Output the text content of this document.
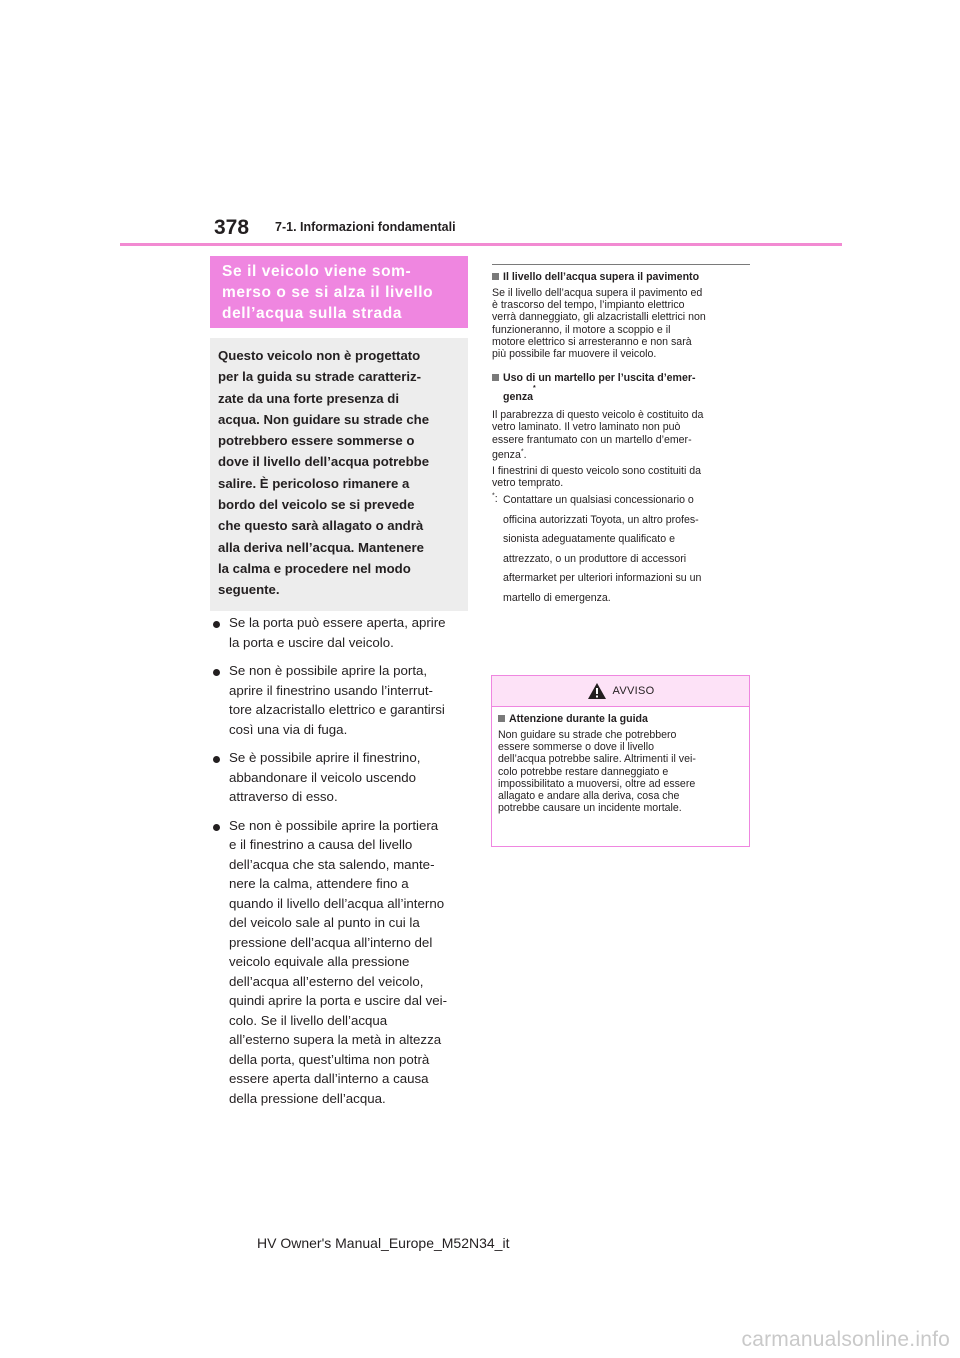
378 7-1. Informazioni fondamentali
Se il veicolo viene som-
merso o se si alza il livello
dell’acqua sulla strada
Questo veicolo non è progettato
per la guida su strade caratteriz-
zate da una forte presenza di
acqua. Non guidare su strade che
potrebbero essere sommerse o
dove il livello dell’acqua potrebbe
salire. È pericoloso rimanere a
bordo del veicolo se si prevede
che questo sarà allagato o andrà
alla deriva nell’acqua. Mantenere
la calma e procedere nel modo
seguente.
Se la porta può essere aperta, aprire
la porta e uscire dal veicolo.
Se non è possibile aprire la porta,
aprire il finestrino usando l’interrut-
tore alzacristallo elettrico e garantirsi
così una via di fuga.
Se è possibile aprire il finestrino,
abbandonare il veicolo uscendo
attraverso di esso.
Se non è possibile aprire la portiera
e il finestrino a causa del livello
dell’acqua che sta salendo, mante-
nere la calma, attendere fino a
quando il livello dell’acqua all’interno
del veicolo sale al punto in cui la
pressione dell’acqua all’interno del
veicolo equivale alla pressione
dell’acqua all’esterno del veicolo,
quindi aprire la porta e uscire dal vei-
colo. Se il livello dell’acqua
all’esterno supera la metà in altezza
della porta, quest’ultima non potrà
essere aperta dall’interno a causa
della pressione dell’acqua.
Il livello dell’acqua supera il pavimento
Se il livello dell’acqua supera il pavimento ed
è trascorso del tempo, l’impianto elettrico
verrà danneggiato, gli alzacristalli elettrici non
funzioneranno, il motore a scoppio e il
motore elettrico si arresteranno e non sarà
più possibile far muovere il veicolo.
Uso di un martello per l’uscita d’emer-
genza
*
Il parabrezza di questo veicolo è costituito da
vetro laminato. Il vetro laminato non può
essere frantumato con un martello d’emer-
genza*.
I finestrini di questo veicolo sono costituiti da
vetro temprato.
*: Contattare un qualsiasi concessionario o
officina autorizzati Toyota, un altro profes-
sionista adeguatamente qualificato e
attrezzato, o un produttore di accessori
aftermarket per ulteriori informazioni su un
martello di emergenza.
AVVISO
Attenzione durante la guida
Non guidare su strade che potrebbero
essere sommerse o dove il livello
dell’acqua potrebbe salire. Altrimenti il vei-
colo potrebbe restare danneggiato e
impossibilitato a muoversi, oltre ad essere
allagato e andare alla deriva, cosa che
potrebbe causare un incidente mortale.
HV Owner's Manual_Europe_M52N34_it
carmanualsonline.info
